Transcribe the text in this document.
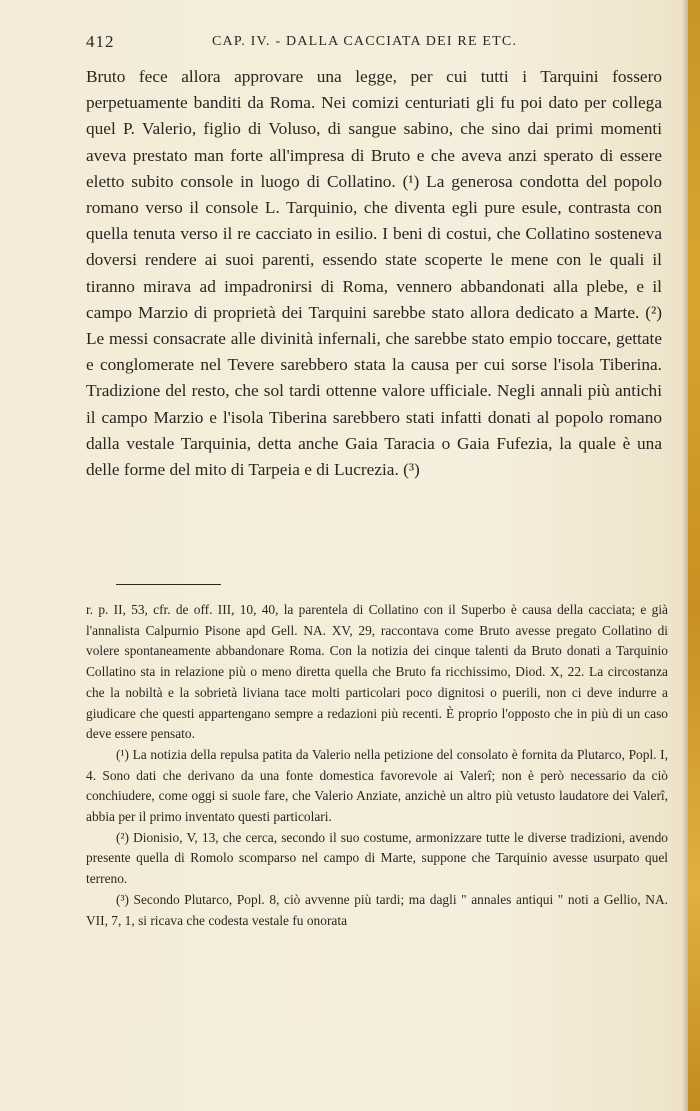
412	CAP. IV. - DALLA CACCIATA DEI RE ETC.

Bruto fece allora approvare una legge, per cui tutti i Tarquini fossero perpetuamente banditi da Roma. Nei comizi centuriati gli fu poi dato per collega quel P. Valerio, figlio di Voluso, di sangue sabino, che sino dai primi momenti aveva prestato man forte all'impresa di Bruto e che aveva anzi sperato di essere eletto subito console in luogo di Collatino. (¹) La generosa condotta del popolo romano verso il console L. Tarquinio, che diventa egli pure esule, contrasta con quella tenuta verso il re cacciato in esilio. I beni di costui, che Collatino sosteneva doversi rendere ai suoi parenti, essendo state scoperte le mene con le quali il tiranno mirava ad impadronirsi di Roma, vennero abbandonati alla plebe, e il campo Marzio di proprietà dei Tarquini sarebbe stato allora dedicato a Marte. (²) Le messi consacrate alle divinità infernali, che sarebbe stato empio toccare, gettate e conglomerate nel Tevere sarebbero stata la causa per cui sorse l'isola Tiberina. Tradizione del resto, che sol tardi ottenne valore ufficiale. Negli annali più antichi il campo Marzio e l'isola Tiberina sarebbero stati infatti donati al popolo romano dalla vestale Tarquinia, detta anche Gaia Taracia o Gaia Fufezia, la quale è una delle forme del mito di Tarpeia e di Lucrezia. (³)

r. p. II, 53, cfr. de off. III, 10, 40, la parentela di Collatino con il Superbo è causa della cacciata; e già l'annalista Calpurnio Pisone apd Gell. NA. XV, 29, raccontava come Bruto avesse pregato Collatino di volere spontaneamente abbandonare Roma. Con la notizia dei cinque talenti da Bruto donati a Tarquinio Collatino sta in relazione più o meno diretta quella che Bruto fa ricchissimo, Diod. X, 22. La circostanza che la nobiltà e la sobrietà liviana tace molti particolari poco dignitosi o puerili, non ci deve indurre a giudicare che questi appartengano sempre a redazioni più recenti. È proprio l'opposto che in più di un caso deve essere pensato.

(¹) La notizia della repulsa patita da Valerio nella petizione del consolato è fornita da Plutarco, Popl. I, 4. Sono dati che derivano da una fonte domestica favorevole ai Valerî; non è però necessario da ciò conchiudere, come oggi si suole fare, che Valerio Anziate, anzichè un altro più vetusto laudatore dei Valerî, abbia per il primo inventato questi particolari.

(²) Dionisio, V, 13, che cerca, secondo il suo costume, armonizzare tutte le diverse tradizioni, avendo presente quella di Romolo scomparso nel campo di Marte, suppone che Tarquinio avesse usurpato quel terreno.

(³) Secondo Plutarco, Popl. 8, ciò avvenne più tardi; ma dagli " annales antiqui " noti a Gellio, NA. VII, 7, 1, si ricava che codesta vestale fu onorata
